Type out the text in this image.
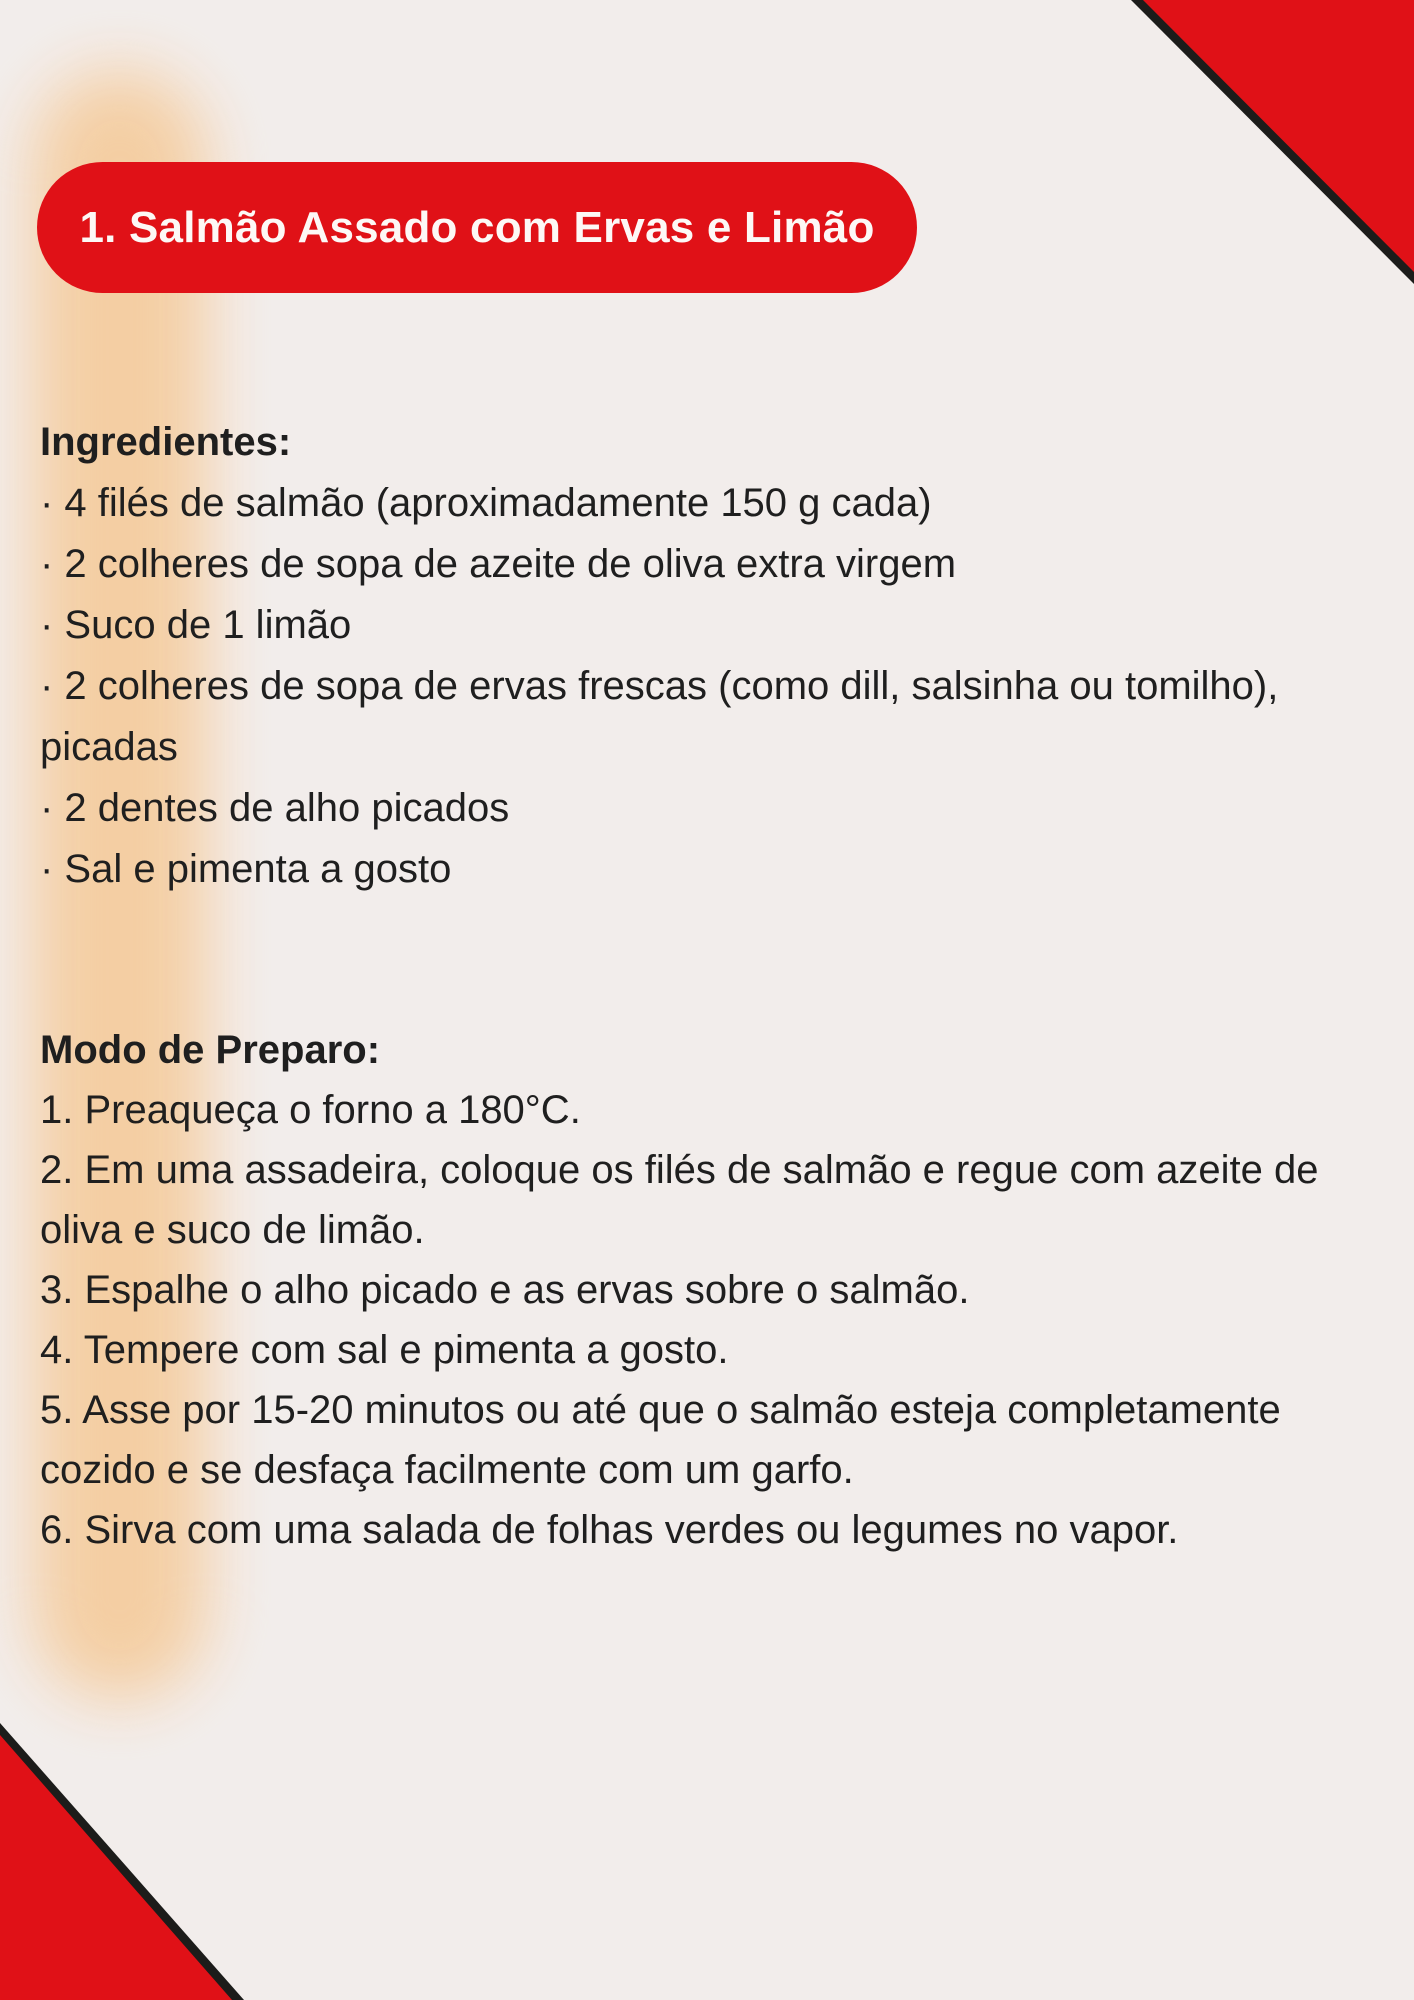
1. Salmão Assado com Ervas e Limão
Ingredientes:
· 4 filés de salmão (aproximadamente 150 g cada)
· 2 colheres de sopa de azeite de oliva extra virgem
· Suco de 1 limão
· 2 colheres de sopa de ervas frescas (como dill, salsinha ou tomilho),
picadas
· 2 dentes de alho picados
· Sal e pimenta a gosto
Modo de Preparo:
1. Preaqueça o forno a 180°C.
2. Em uma assadeira, coloque os filés de salmão e regue com azeite de
oliva e suco de limão.
3. Espalhe o alho picado e as ervas sobre o salmão.
4. Tempere com sal e pimenta a gosto.
5. Asse por 15-20 minutos ou até que o salmão esteja completamente
cozido e se desfaça facilmente com um garfo.
6. Sirva com uma salada de folhas verdes ou legumes no vapor.
